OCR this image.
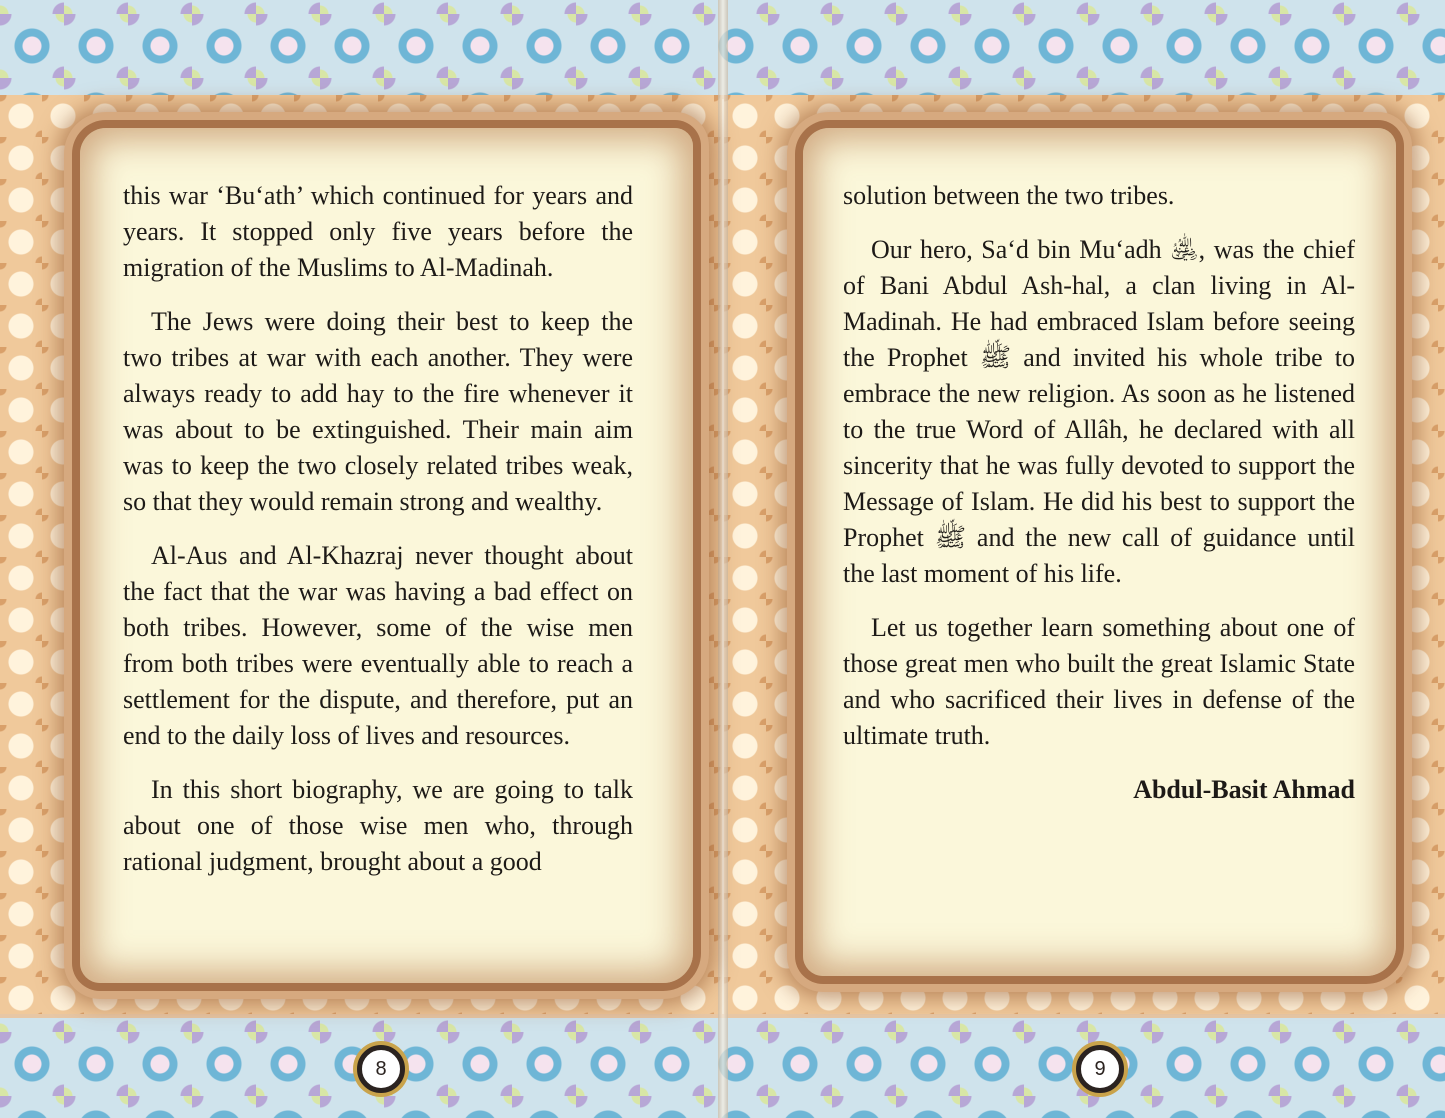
this war ‘Bu‘ath’ which continued for years and years. It stopped only five years before the migration of the Muslims to Al-Madinah.

The Jews were doing their best to keep the two tribes at war with each another. They were always ready to add hay to the fire whenever it was about to be extinguished. Their main aim was to keep the two closely related tribes weak, so that they would remain strong and wealthy.

Al-Aus and Al-Khazraj never thought about the fact that the war was having a bad effect on both tribes. However, some of the wise men from both tribes were eventually able to reach a settlement for the dispute, and therefore, put an end to the daily loss of lives and resources.

In this short biography, we are going to talk about one of those wise men who, through rational judgment, brought about a good

solution between the two tribes.

Our hero, Sa‘d bin Mu‘adh ﵁, was the chief of Bani Abdul Ash-hal, a clan living in Al-Madinah. He had embraced Islam before seeing the Prophet ﷺ and invited his whole tribe to embrace the new religion. As soon as he listened to the true Word of Allâh, he declared with all sincerity that he was fully devoted to support the Message of Islam. He did his best to support the Prophet ﷺ and the new call of guidance until the last moment of his life.

Let us together learn something about one of those great men who built the great Islamic State and who sacrificed their lives in defense of the ultimate truth.

Abdul-Basit Ahmad

8	9
